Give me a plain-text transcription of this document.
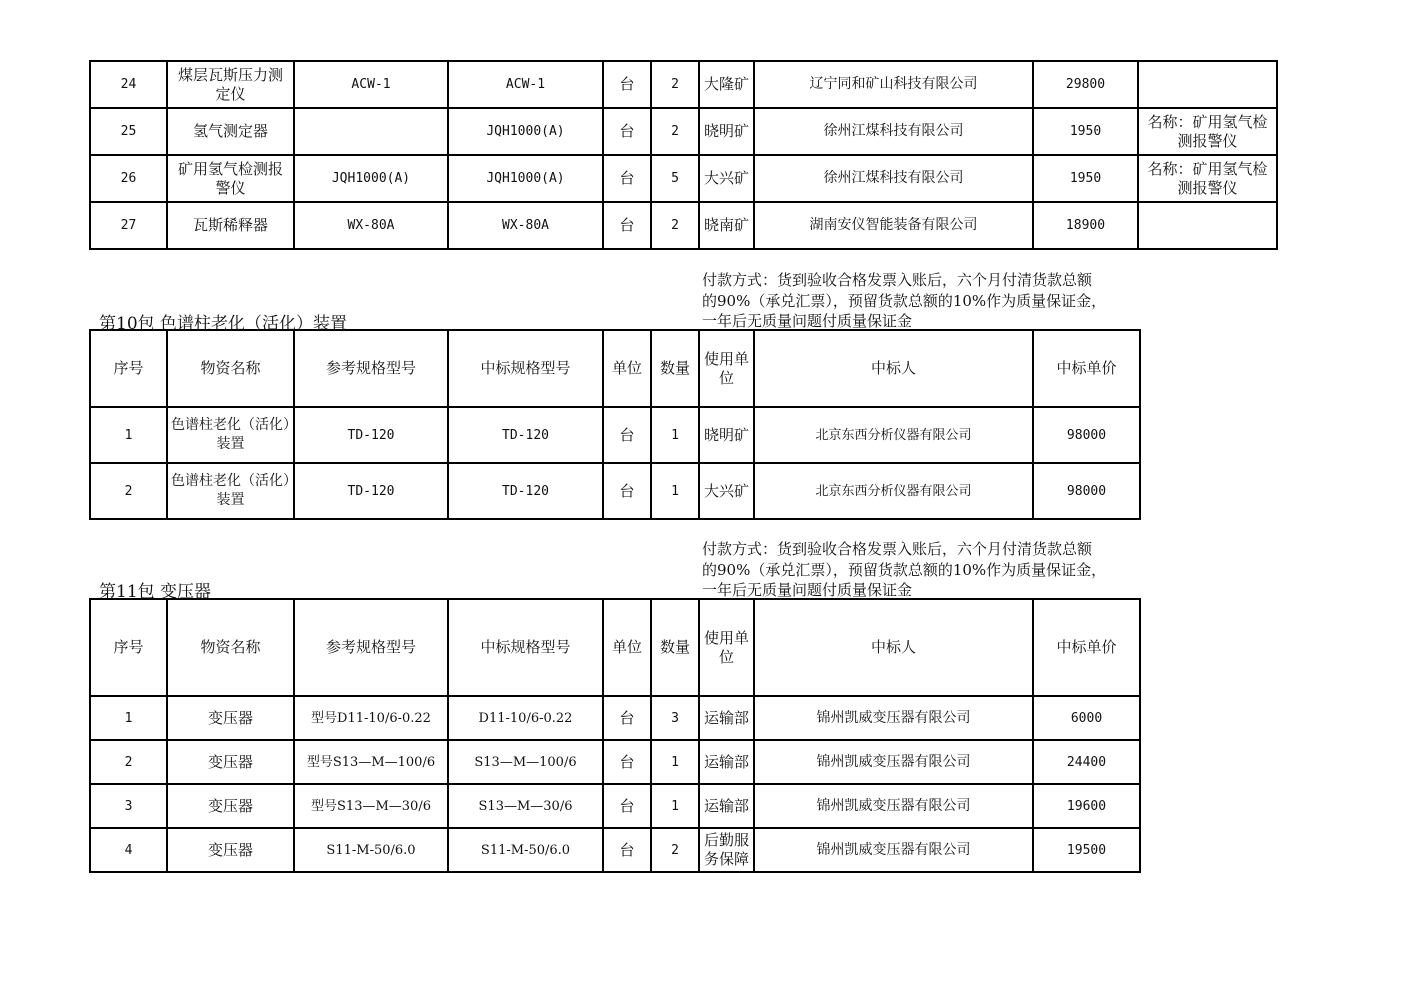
24	煤层瓦斯压力测定仪	ACW-1	ACW-1	台	2	大隆矿	辽宁同和矿山科技有限公司	29800	
25	氢气测定器		JQH1000(A)	台	2	晓明矿	徐州江煤科技有限公司	1950	名称：矿用氢气检测报警仪
26	矿用氢气检测报警仪	JQH1000(A)	JQH1000(A)	台	5	大兴矿	徐州江煤科技有限公司	1950	名称：矿用氢气检测报警仪
27	瓦斯稀释器	WX-80A	WX-80A	台	2	晓南矿	湖南安仪智能装备有限公司	18900	
第10包 色谱柱老化（活化）装置
付款方式：货到验收合格发票入账后，六个月付清货款总额
的90%（承兑汇票），预留货款总额的10%作为质量保证金，
一年后无质量问题付质量保证金
序号	物资名称	参考规格型号	中标规格型号	单位	数量	使用单位	中标人	中标单价
1	色谱柱老化（活化）装置	TD-120	TD-120	台	1	晓明矿	北京东西分析仪器有限公司	98000
2	色谱柱老化（活化）装置	TD-120	TD-120	台	1	大兴矿	北京东西分析仪器有限公司	98000
第11包 变压器
付款方式：货到验收合格发票入账后，六个月付清货款总额
的90%（承兑汇票），预留货款总额的10%作为质量保证金，
一年后无质量问题付质量保证金
序号	物资名称	参考规格型号	中标规格型号	单位	数量	使用单位	中标人	中标单价
1	变压器	型号D11-10/6-0.22	D11-10/6-0.22	台	3	运输部	锦州凯威变压器有限公司	6000
2	变压器	型号S13—M—100/6	S13—M—100/6	台	1	运输部	锦州凯威变压器有限公司	24400
3	变压器	型号S13—M—30/6	S13—M—30/6	台	1	运输部	锦州凯威变压器有限公司	19600
4	变压器	S11-M-50/6.0	S11-M-50/6.0	台	2	后勤服务保障	锦州凯威变压器有限公司	19500
